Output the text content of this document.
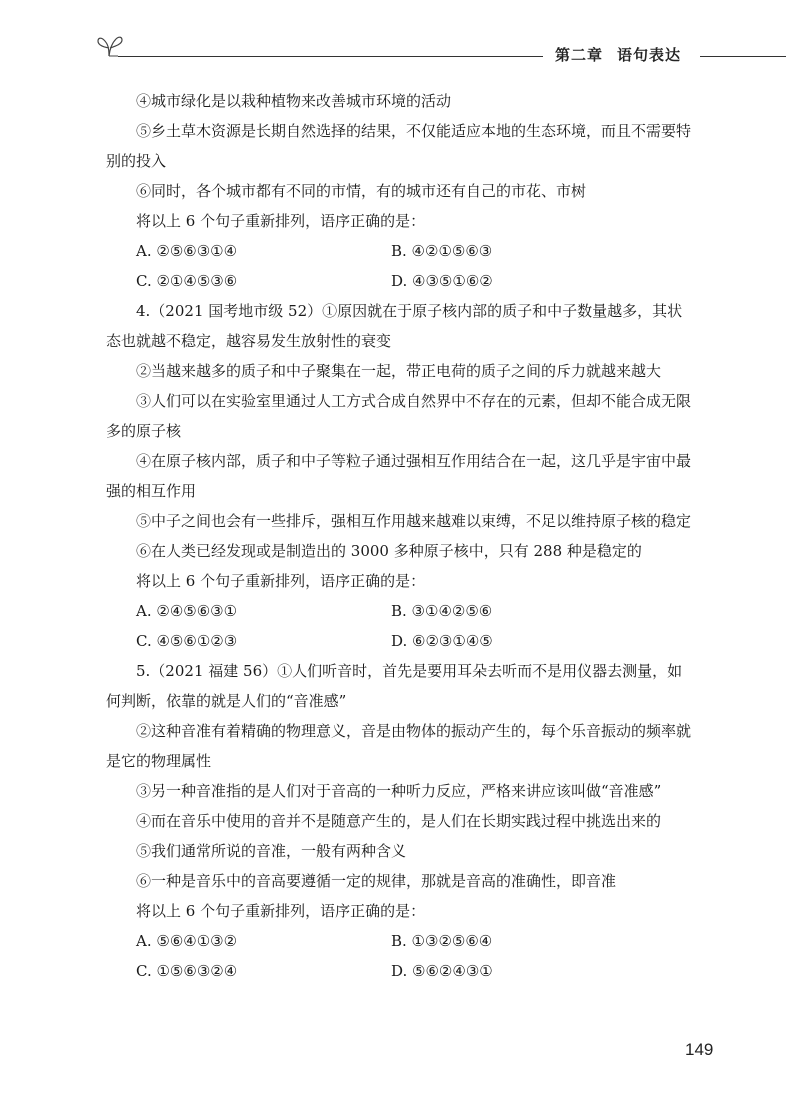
第二章 语句表达

④城市绿化是以栽种植物来改善城市环境的活动

⑤乡土草木资源是长期自然选择的结果，不仅能适应本地的生态环境，而且不需要特别的投入

⑥同时，各个城市都有不同的市情，有的城市还有自己的市花、市树

将以上 6 个句子重新排列，语序正确的是：

A. ②⑤⑥③①④	B. ④②①⑤⑥③
C. ②①④⑤③⑥	D. ④③⑤①⑥②

4.（2021 国考地市级 52）①原因就在于原子核内部的质子和中子数量越多，其状态也就越不稳定，越容易发生放射性的衰变

②当越来越多的质子和中子聚集在一起，带正电荷的质子之间的斥力就越来越大

③人们可以在实验室里通过人工方式合成自然界中不存在的元素，但却不能合成无限多的原子核

④在原子核内部，质子和中子等粒子通过强相互作用结合在一起，这几乎是宇宙中最强的相互作用

⑤中子之间也会有一些排斥，强相互作用越来越难以束缚，不足以维持原子核的稳定

⑥在人类已经发现或是制造出的 3000 多种原子核中，只有 288 种是稳定的

将以上 6 个句子重新排列，语序正确的是：

A. ②④⑤⑥③①	B. ③①④②⑤⑥
C. ④⑤⑥①②③	D. ⑥②③①④⑤

5.（2021 福建 56）①人们听音时，首先是要用耳朵去听而不是用仪器去测量，如何判断，依靠的就是人们的“音准感”

②这种音准有着精确的物理意义，音是由物体的振动产生的，每个乐音振动的频率就是它的物理属性

③另一种音准指的是人们对于音高的一种听力反应，严格来讲应该叫做“音准感”

④而在音乐中使用的音并不是随意产生的，是人们在长期实践过程中挑选出来的

⑤我们通常所说的音准，一般有两种含义

⑥一种是音乐中的音高要遵循一定的规律，那就是音高的准确性，即音准

将以上 6 个句子重新排列，语序正确的是：

A. ⑤⑥④①③②	B. ①③②⑤⑥④
C. ①⑤⑥③②④	D. ⑤⑥②④③①
149
